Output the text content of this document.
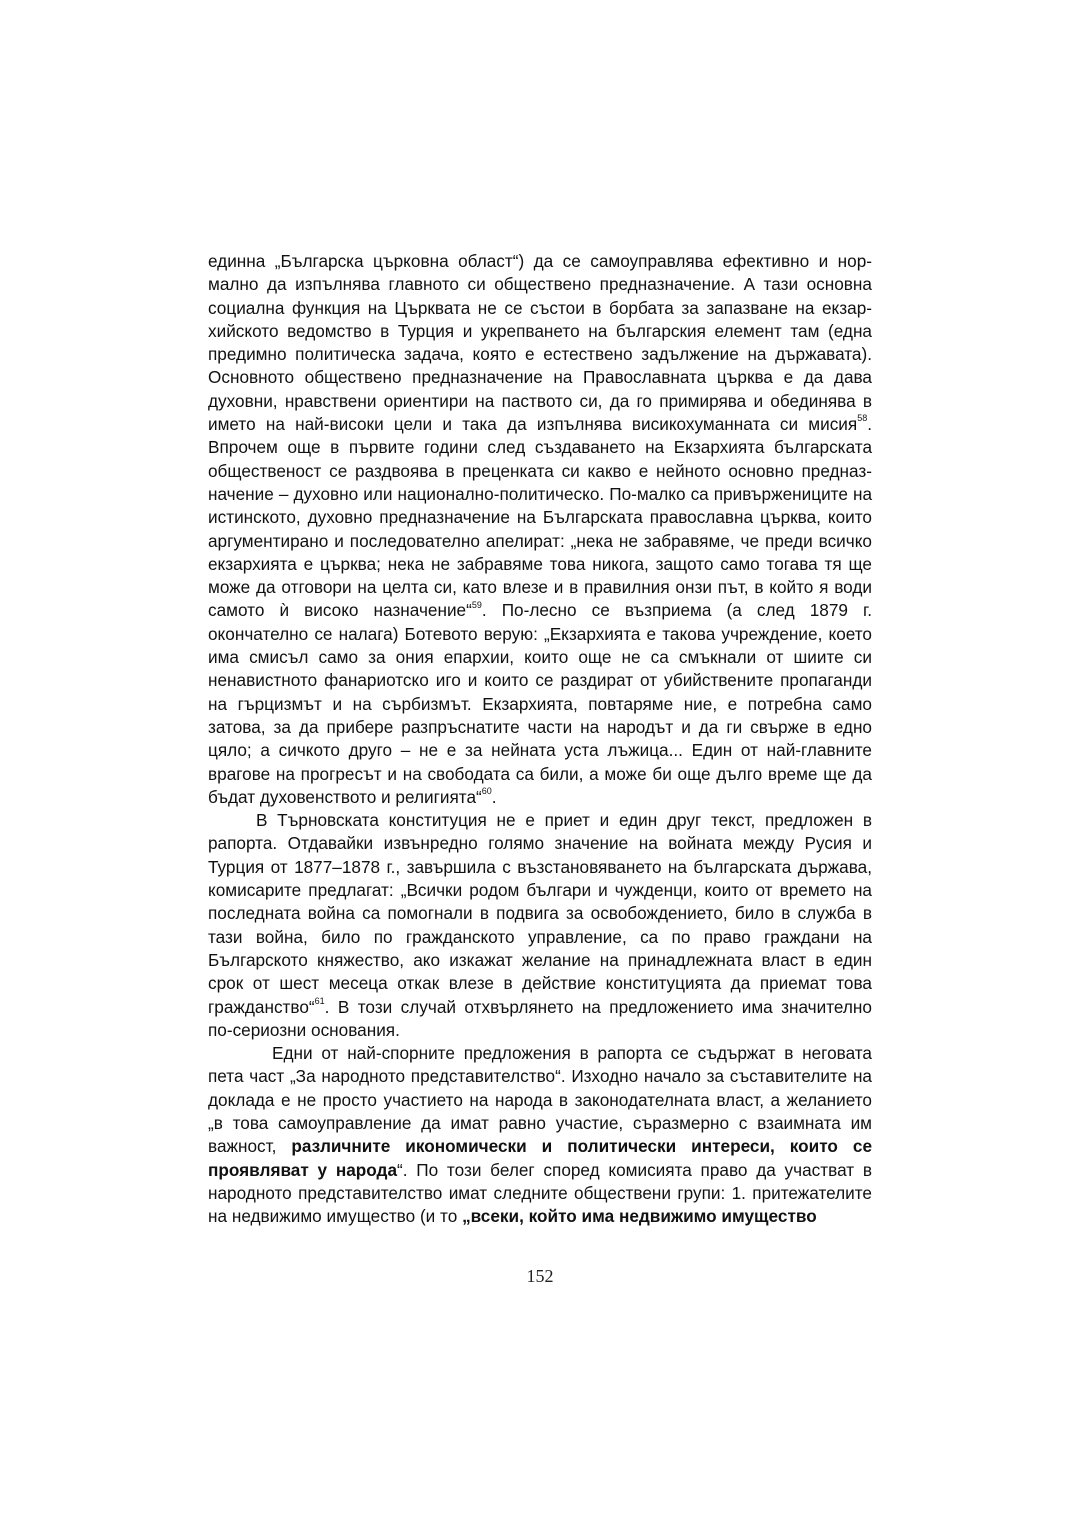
единна „Българска църковна област“) да се самоуправлява ефективно и нормално да изпълнява главното си обществено предназначение. А тази основна социална функция на Църквата не се състои в борбата за запазване на екзархийското ведомство в Турция и укрепването на българския елемент там (една предимно политическа задача, която е естествено задължение на държавата). Основното обществено предназначение на Православната църква е да дава духовни, нравствени ориентири на паството си, да го примирява и обединява в името на най-високи цели и така да изпълнява висикохуманната си мисия$^{58}$. Впрочем още в първите години след създаването на Екзархията българската общественост се раздвоява в преценката си какво е нейното основно предназначение – духовно или национално-политическо. По-малко са привържениците на истинското, духовно предназначение на Българската православна църква, които аргументирано и последователно апелират: „нека не забравяме, че преди всичко екзархията е църква; нека не забравяме това никога, защото само тогава тя ще може да отговори на целта си, като влезе и в правилния онзи път, в който я води самото ѝ високо назначение“$^{59}$. По-лесно се възприема (а след 1879 г. окончателно се налага) Ботевото верую: „Екзархията е такова учреждение, което има смисъл само за ония епархии, които още не са смъкнали от шиите си ненавистното фанариотско иго и които се раздират от убийствените пропаганди на гърцизмът и на сърбизмът. Екзархията, повтаряме ние, е потребна само затова, за да прибере разпръснатите части на народът и да ги свърже в едно цяло; а сичкото друго – не е за нейната уста лъжица... Един от най-главните врагове на прогресът и на свободата са били, а може би още дълго време ще да бъдат духовенството и религията“$^{60}$.

В Търновската конституция не е приет и един друг текст, предложен в рапорта. Отдавайки извънредно голямо значение на войната между Русия и Турция от 1877–1878 г., завършила с възстановяването на българската държава, комисарите предлагат: „Всички родом българи и чужденци, които от времето на последната война са помогнали в подвига за освобождението, било в служба в тази война, било по гражданското управление, са по право граждани на Българското княжество, ако изкажат желание на принадлежната власт в един срок от шест месеца откак влезе в действие конституцията да приемат това гражданство“$^{61}$. В този случай отхвърлянето на предложението има значително по-сериозни основания.

Едни от най-спорните предложения в рапорта се съдържат в неговата пета част „За народното представителство“. Изходно начало за съставителите на доклада е не просто участието на народа в законодателната власт, а желанието „в това самоуправление да имат равно участие, съразмерно с взаимната им важност, различните икономически и политически интереси, които се проявляват у народа“. По този белег според комисията право да участват в народното представителство имат следните обществени групи: 1. притежателите на недвижимо имущество (и то „всеки, който има недвижимо имущество

152
